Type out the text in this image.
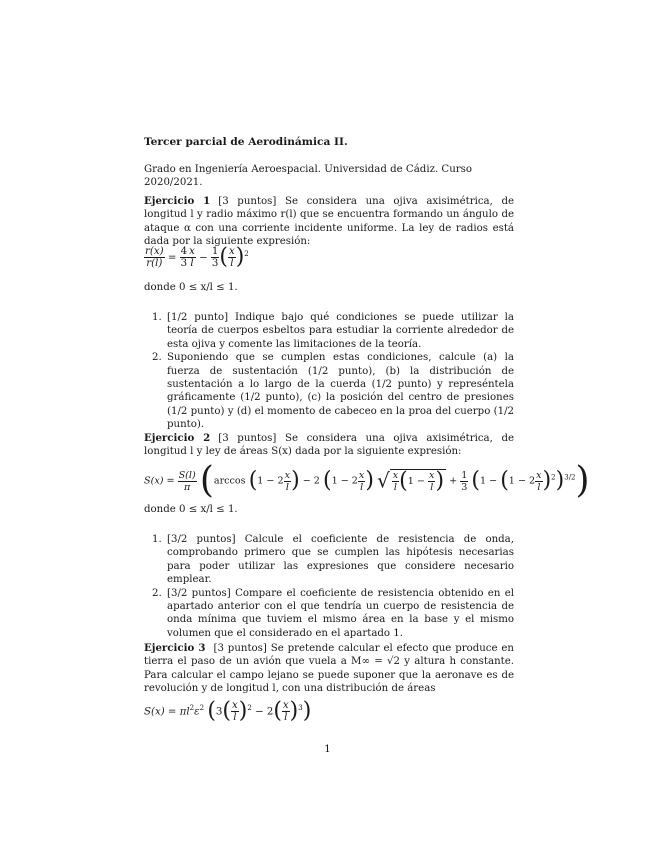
Tercer parcial de Aerodinámica II.
Grado en Ingeniería Aeroespacial. Universidad de Cádiz. Curso 2020/2021.
Ejercicio 1 [3 puntos] Se considera una ojiva axisimétrica, de longitud l y radio máximo r(l) que se encuentra formando un ángulo de ataque α con una corriente incidente uniforme. La ley de radios está dada por la siguiente expresión:
$\frac{r(x)}{r(l)} = \frac{4}{3} \frac{x}{l} - \frac{1}{3}$ ( $\frac{x}{l} )^2$
donde 0 ≤ x/l ≤ 1.
1. [1/2 punto] Indique bajo qué condiciones se puede utilizar la teoría de cuerpos esbeltos para estudiar la corriente alrededor de esta ojiva y comente las limitaciones de la teoría.
2. Suponiendo que se cumplen estas condiciones, calcule (a) la fuerza de sustentación (1/2 punto), (b) la distribución de sustentación a lo largo de la cuerda (1/2 punto) y represéntela gráficamente (1/2 punto), (c) la posición del centro de presiones (1/2 punto) y (d) el momento de cabeceo en la proa del cuerpo (1/2 punto).
Ejercicio 2 [3 puntos] Se considera una ojiva axisimétrica, de longitud l y ley de áreas S(x) dada por la siguiente expresión:
$S(x) = \frac{S(l)}{\pi} (\arccos$ ($1 - 2 \frac{x}{l}$ ) − 2 ($1 - 2 \frac{x}{l}$ ) √ $\frac{x}{l} (1 - \frac{x}{l}$ ) + $\frac{1}{3} (1 - (1 - 2 \frac{x}{l} )^2)^{3/2}$)
donde 0 ≤ x/l ≤ 1.
1. [3/2 puntos] Calcule el coeficiente de resistencia de onda, comprobando primero que se cumplen las hipótesis necesarias para poder utilizar las expresiones que considere necesario emplear.
2. [3/2 puntos] Compare el coeficiente de resistencia obtenido en el apartado anterior con el que tendría un cuerpo de resistencia de onda mínima que tuviem el mismo área en la base y el mismo volumen que el considerado en el apartado 1.
Ejercicio 3 [3 puntos] Se pretende calcular el efecto que produce en tierra el paso de un avión que vuela a M∞ = √2 y altura h constante. Para calcular el campo lejano se puede suponer que la aeronave es de revolución y de longitud l, con una distribución de áreas
$S(x) = \pi l^2\varepsilon^2$ $(3( \frac{x}{l} )^2 - 2( \frac{x}{l} )^3)$
1
